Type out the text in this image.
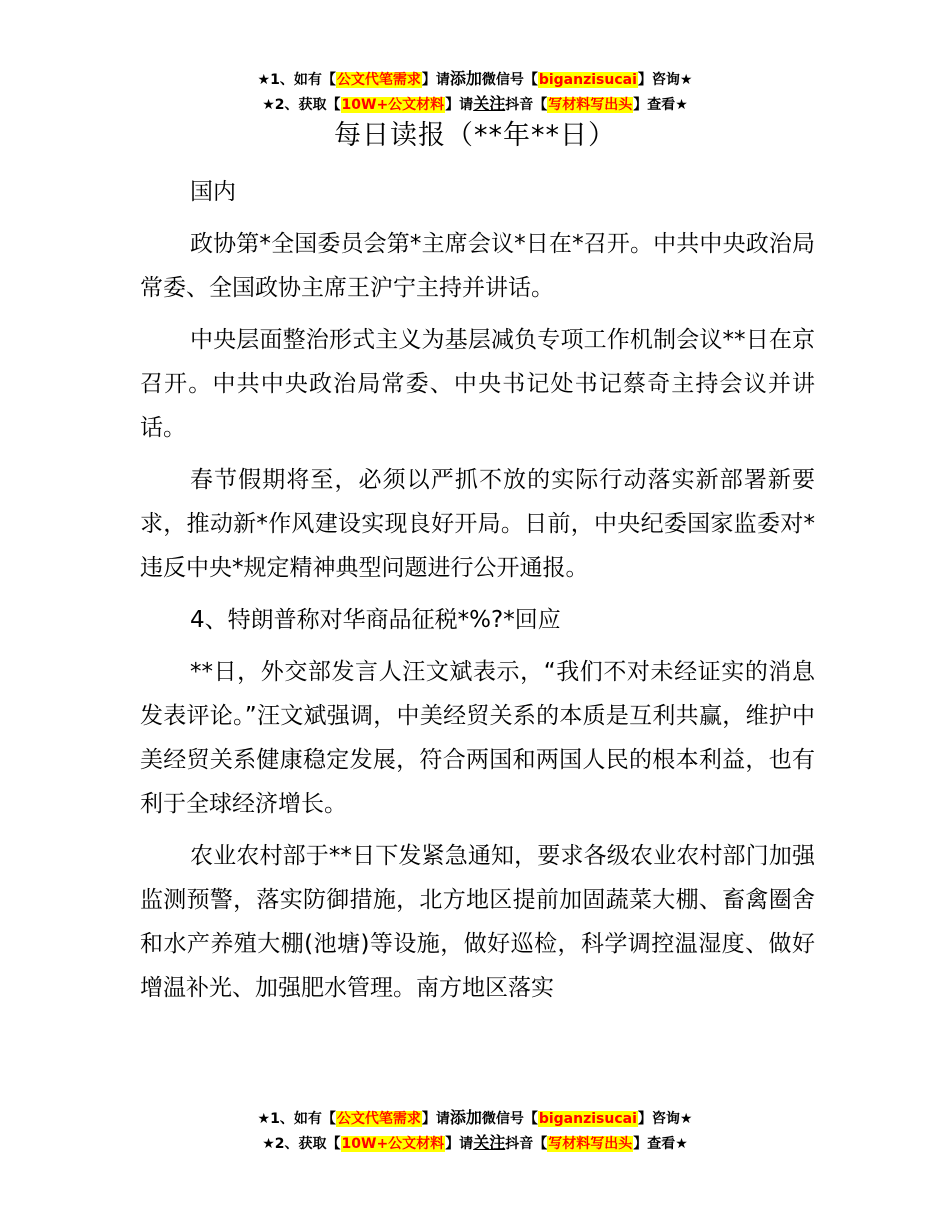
★1、如有【公文代笔需求】请添加微信号【biganzisucai】咨询★
★2、获取【10W+公文材料】请关注抖音【写材料写出头】查看★
每日读报（**年**日）

国内

政协第*全国委员会第*主席会议*日在*召开。中共中央政治局常委、全国政协主席王沪宁主持并讲话。

中央层面整治形式主义为基层减负专项工作机制会议**日在京召开。中共中央政治局常委、中央书记处书记蔡奇主持会议并讲话。

春节假期将至，必须以严抓不放的实际行动落实新部署新要求，推动新*作风建设实现良好开局。日前，中央纪委国家监委对*违反中央*规定精神典型问题进行公开通报。

4、特朗普称对华商品征税*%?*回应

**日，外交部发言人汪文斌表示，“我们不对未经证实的消息发表评论。”汪文斌强调，中美经贸关系的本质是互利共赢，维护中美经贸关系健康稳定发展，符合两国和两国人民的根本利益，也有利于全球经济增长。

农业农村部于**日下发紧急通知，要求各级农业农村部门加强监测预警，落实防御措施，北方地区提前加固蔬菜大棚、畜禽圈舍和水产养殖大棚(池塘)等设施，做好巡检，科学调控温湿度、做好增温补光、加强肥水管理。南方地区落实

★1、如有【公文代笔需求】请添加微信号【biganzisucai】咨询★
★2、获取【10W+公文材料】请关注抖音【写材料写出头】查看★
